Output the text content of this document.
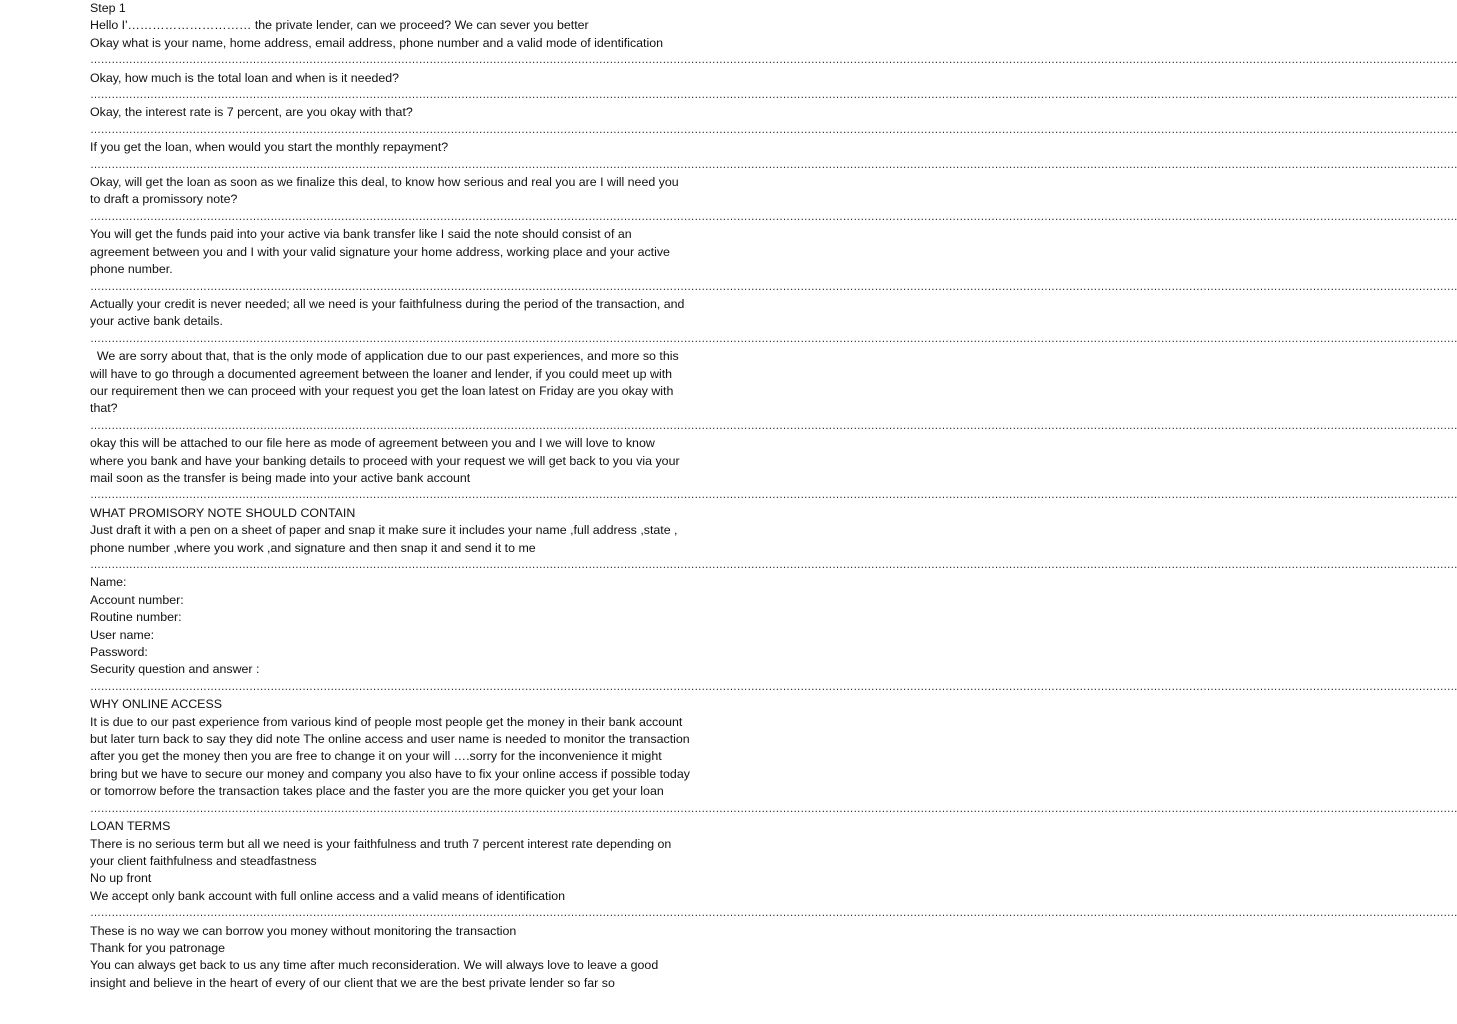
Step 1

Hello I'………………………… the private lender, can we proceed? We can sever you better

Okay what is your name, home address, email address, phone number and a valid mode of identification

………………………………………………………………………………………………………………………………………………………………………………………………………………………………………………………………………………………………………………………………………………………

Okay, how much is the total loan and when is it needed?

………………………………………………………………………………………………………………………………………………………………………………………………………………………………………………………………………………………………………………………………………………………

Okay, the interest rate is 7 percent, are you okay with that?

………………………………………………………………………………………………………………………………………………………………………………………………………………………………………………………………………………………………………………………………………………………

If you get the loan, when would you start the monthly repayment?

………………………………………………………………………………………………………………………………………………………………………………………………………………………………………………………………………………………………………………………………………………………

Okay, will get the loan as soon as we finalize this deal, to know how serious and real you are I will need you to draft a promissory note?

………………………………………………………………………………………………………………………………………………………………………………………………………………………………………………………………………………………………………………………………………………………

You will get the funds paid into your active via bank transfer like I said the note should consist of an agreement between you and I with your valid signature your home address, working place and your active phone number.

………………………………………………………………………………………………………………………………………………………………………………………………………………………………………………………………………………………………………………………………………………………

Actually your credit is never needed; all we need is your faithfulness during the period of the transaction, and your active bank details.

………………………………………………………………………………………………………………………………………………………………………………………………………………………………………………………………………………………………………………………………………………………

We are sorry about that, that is the only mode of application due to our past experiences, and more so this will have to go through a documented agreement between the loaner and lender, if you could meet up with our requirement then we can proceed with your request you get the loan latest on Friday are you okay with that?

………………………………………………………………………………………………………………………………………………………………………………………………………………………………………………………………………………………………………………………………………………………

okay this will be attached to our file here as mode of agreement between you and I we will love to know where you bank and have your banking details to proceed with your request we will get back to you via your mail soon as the transfer is being made into your active bank account

………………………………………………………………………………………………………………………………………………………………………………………………………………………………………………………………………………………………………………………………………………………

WHAT PROMISORY NOTE SHOULD CONTAIN

Just draft it with a pen on a sheet of paper and snap it make sure it includes your name ,full address ,state , phone number ,where you work ,and signature and then snap it and send it to me

………………………………………………………………………………………………………………………………………………………………………………………………………………………………………………………………………………………………………………………………………………………

Name:

Account number:

Routine number:

User name:

Password:

Security question and answer :

………………………………………………………………………………………………………………………………………………………………………………………………………………………………………………………………………………………………………………………………………………………

WHY ONLINE ACCESS

It is due to our past experience from various kind of people most people get the money in their bank account but later turn back to say they did note The online access and user name is needed to monitor the transaction after you get the money then you are free to change it on your will ….sorry for the inconvenience it might bring but we have to secure our money and company you also have to fix your online access if possible today or tomorrow before the transaction takes place and the faster you are the more quicker you get your loan

………………………………………………………………………………………………………………………………………………………………………………………………………………………………………………………………………………………………………………………………………………………

LOAN TERMS

There is no serious term but all we need is your faithfulness and truth 7 percent interest rate depending on your client faithfulness and steadfastness

No up front

We accept only bank account with full online access and a valid means of identification

………………………………………………………………………………………………………………………………………………………………………………………………………………………………………………………………………………………………………………………………………………………

These is no way we can borrow you money without monitoring the transaction

Thank for you patronage

You can always get back to us any time after much reconsideration. We will always love to leave a good insight and believe in the heart of every of our client that we are the best private lender so far so
